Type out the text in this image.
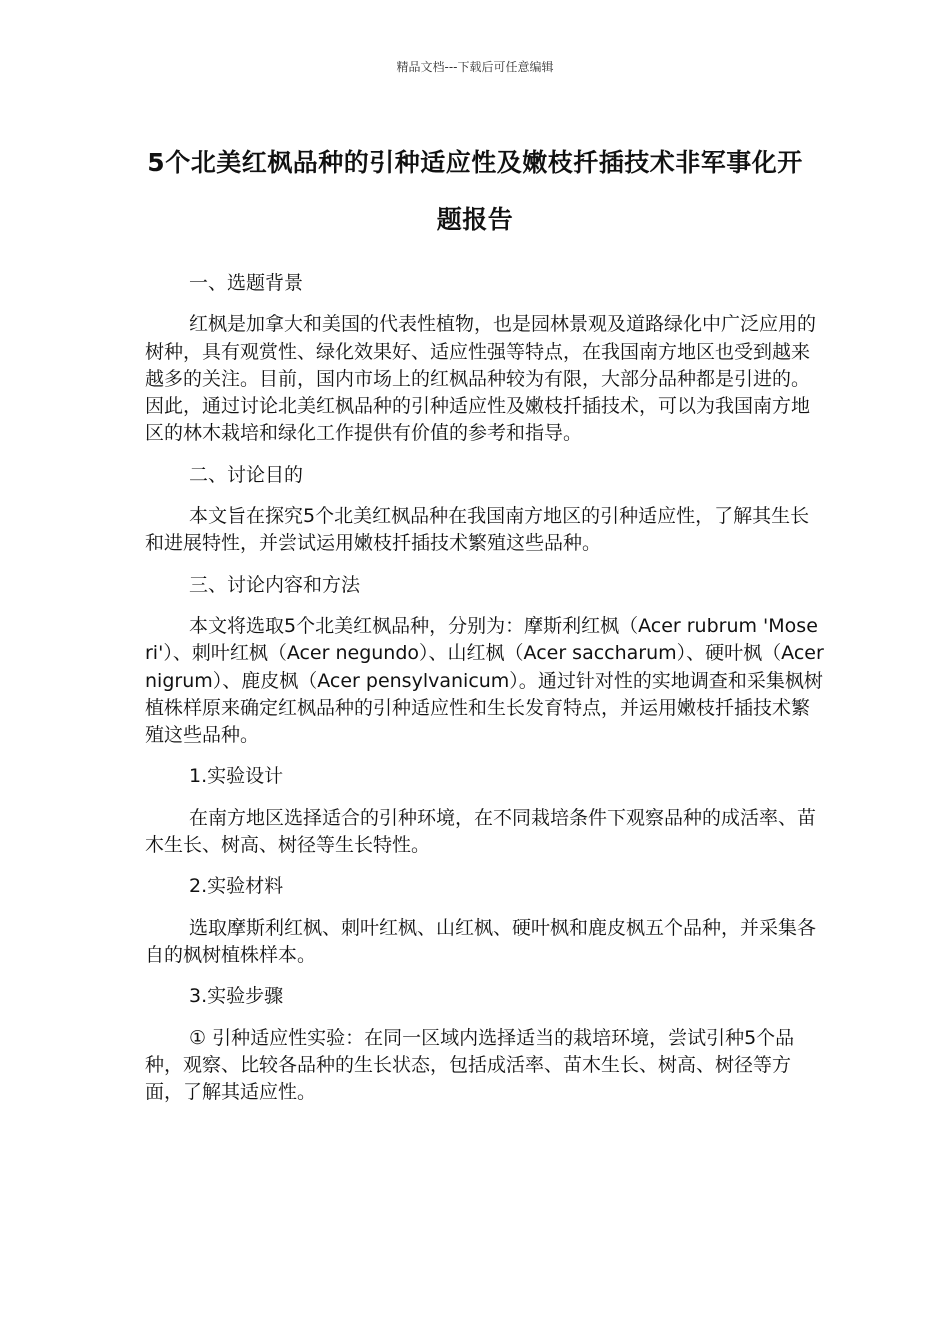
精品文档---下载后可任意编辑
5个北美红枫品种的引种适应性及嫩枝扦插技术非军事化开题报告

一、选题背景

红枫是加拿大和美国的代表性植物，也是园林景观及道路绿化中广泛应用的树种，具有观赏性、绿化效果好、适应性强等特点，在我国南方地区也受到越来越多的关注。目前，国内市场上的红枫品种较为有限，大部分品种都是引进的。因此，通过讨论北美红枫品种的引种适应性及嫩枝扦插技术，可以为我国南方地区的林木栽培和绿化工作提供有价值的参考和指导。

二、讨论目的

本文旨在探究5个北美红枫品种在我国南方地区的引种适应性，了解其生长和进展特性，并尝试运用嫩枝扦插技术繁殖这些品种。

三、讨论内容和方法

本文将选取5个北美红枫品种，分别为：摩斯利红枫（Acer rubrum 'Moseri'）、刺叶红枫（Acer negundo）、山红枫（Acer saccharum）、硬叶枫（Acer nigrum）、鹿皮枫（Acer pensylvanicum）。通过针对性的实地调查和采集枫树植株样原来确定红枫品种的引种适应性和生长发育特点，并运用嫩枝扦插技术繁殖这些品种。

1.实验设计

在南方地区选择适合的引种环境，在不同栽培条件下观察品种的成活率、苗木生长、树高、树径等生长特性。

2.实验材料

选取摩斯利红枫、刺叶红枫、山红枫、硬叶枫和鹿皮枫五个品种，并采集各自的枫树植株样本。

3.实验步骤

① 引种适应性实验：在同一区域内选择适当的栽培环境，尝试引种5个品种，观察、比较各品种的生长状态，包括成活率、苗木生长、树高、树径等方面，了解其适应性。
